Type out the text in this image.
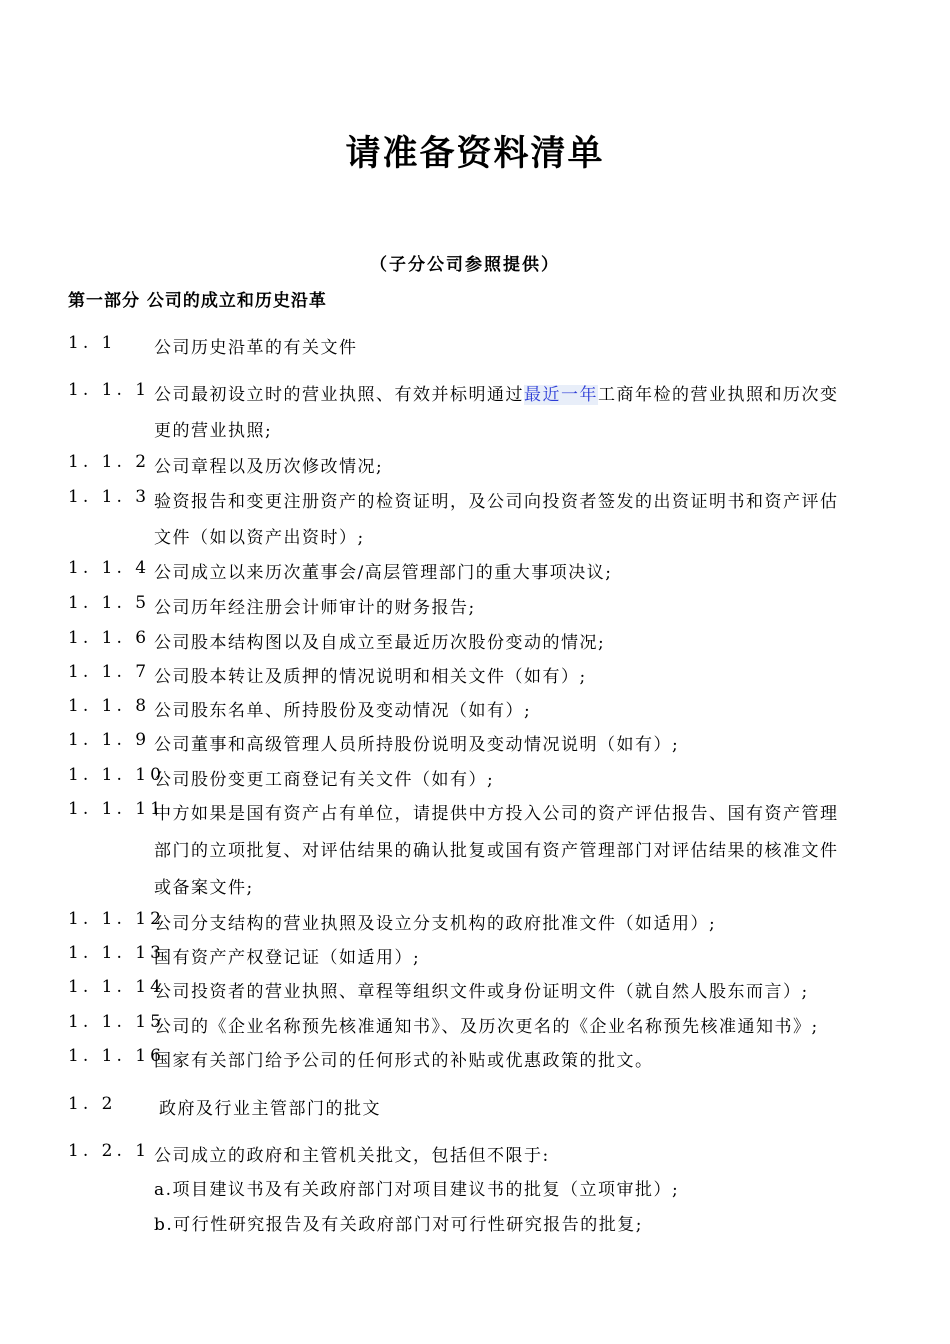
请准备资料清单
（子分公司参照提供）
第一部分 公司的成立和历史沿革
1. 1 公司历史沿革的有关文件
1. 1. 1 公司最初设立时的营业执照、有效并标明通过最近一年工商年检的营业执照和历次变
更的营业执照;
1. 1. 2 公司章程以及历次修改情况;
1. 1. 3 验资报告和变更注册资产的检资证明，及公司向投资者签发的出资证明书和资产评估
文件（如以资产出资时）;
1. 1. 4 公司成立以来历次董事会/高层管理部门的重大事项决议;
1. 1. 5 公司历年经注册会计师审计的财务报告;
1. 1. 6 公司股本结构图以及自成立至最近历次股份变动的情况;
1. 1. 7 公司股本转让及质押的情况说明和相关文件（如有）;
1. 1. 8 公司股东名单、所持股份及变动情况（如有）;
1. 1. 9 公司董事和高级管理人员所持股份说明及变动情况说明（如有）;
1. 1. 10
公司股份变更工商登记有关文件（如有）;
1. 1. 11
中方如果是国有资产占有单位，请提供中方投入公司的资产评估报告、国有资产管理
部门的立项批复、对评估结果的确认批复或国有资产管理部门对评估结果的核准文件
或备案文件;
1. 1. 12
公司分支结构的营业执照及设立分支机构的政府批准文件（如适用）;
1. 1. 13
国有资产产权登记证（如适用）;
1. 1. 14
公司投资者的营业执照、章程等组织文件或身份证明文件（就自然人股东而言）;
1. 1. 15
公司的《企业名称预先核准通知书》、及历次更名的《企业名称预先核准通知书》;
1. 1. 16
国家有关部门给予公司的任何形式的补贴或优惠政策的批文。
1. 2	政府及行业主管部门的批文
1. 2. 1 公司成立的政府和主管机关批文，包括但不限于:
a.项目建议书及有关政府部门对项目建议书的批复（立项审批）;
b.可行性研究报告及有关政府部门对可行性研究报告的批复;
